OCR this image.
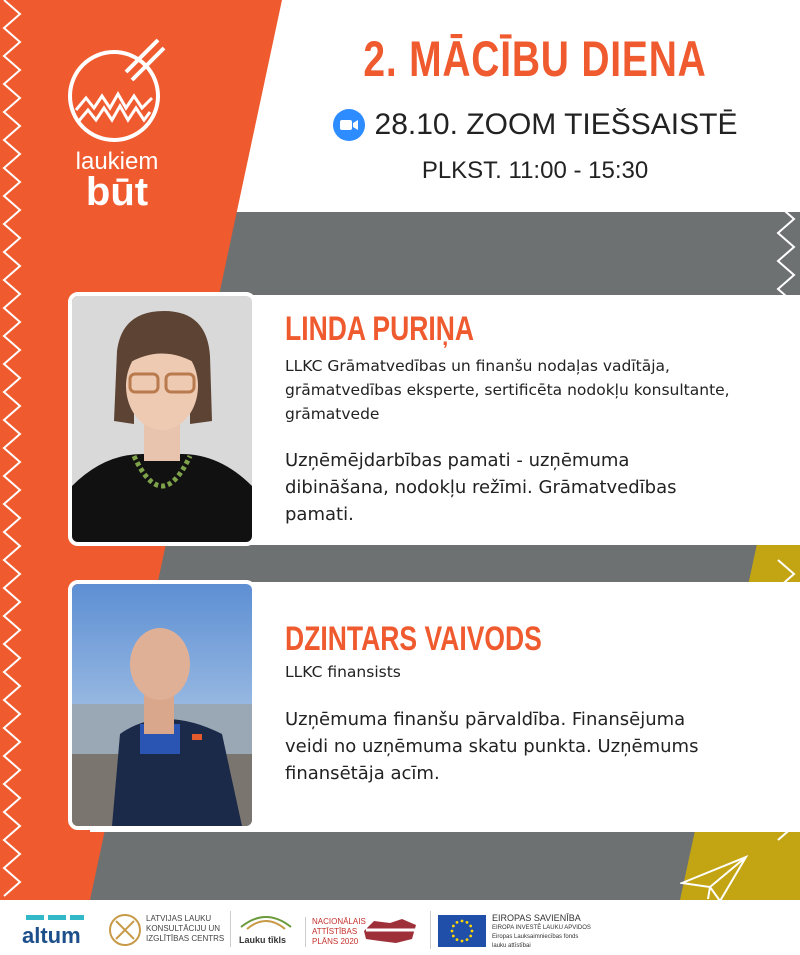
laukiem
būt
2. MĀCĪBU DIENA
28.10. ZOOM TIEŠSAISTĒ
PLKST. 11:00 - 15:30
LINDA PURIŅA
LLKC Grāmatvedības un finanšu nodaļas vadītāja, grāmatvedības eksperte, sertificēta nodokļu konsultante, grāmatvede
Uzņēmējdarbības pamati - uzņēmuma dibināšana, nodokļu režīmi. Grāmatvedības pamati.
DZINTARS VAIVODS
LLKC finansists
Uzņēmuma finanšu pārvaldība. Finansējuma veidi no uzņēmuma skatu punkta. Uzņēmums finansētāja acīm.
altum
LATVIJAS LAUKU
KONSULTĀCIJU UN
IZGLĪTĪBAS CENTRS Lauku tīkls
NACIONĀLAIS
ATTĪSTĪBAS
PLĀNS 2020
EIROPAS SAVIENĪBA
EIROPA INVESTĒ LAUKU APVIDOS
Eiropas Lauksaimniecības fonds
lauku attīstībai
